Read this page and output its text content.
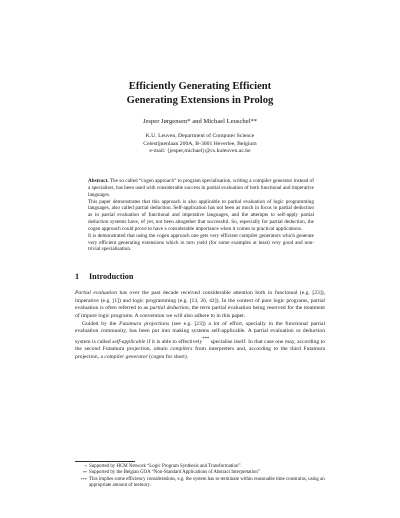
Efficiently Generating Efficient
Generating Extensions in Prolog
Jesper Jørgensen* and Michael Leuschel**
K.U. Leuven, Department of Computer Science
Celestijnenlaan 200A, B-3001 Heverlee, Belgium
e-mail: {jesper,michael}@cs.kuleuven.ac.be

Abstract. The so called “cogen approach” to program specialisation, writing a compiler generator instead of a specialiser, has been used with considerable success in partial evaluation of both functional and imperative languages.

This paper demonstrates that this approach is also applicable to partial evaluation of logic programming languages, also called partial deduction. Self-application has not been as much in focus in partial deduction as in partial evaluation of functional and imperative languages, and the attempts to self-apply partial deduction systems have, of yet, not been altogether that successful. So, especially for partial deduction, the cogen approach could prove to have a considerable importance when it comes to practical applications.

It is demonstrated that using the cogen approach one gets very efficient compiler generators which generate very efficient generating extensions which in turn yield (for some examples at least) very good and non-trivial specialisation.

1 Introduction

Partial evaluation has over the past decade received considerable attention both in functional (e.g. [23]), imperative (e.g. [1]) and logic programming (e.g. [13, 26, 42]). In the context of pure logic programs, partial evaluation is often referred to as partial deduction, the term partial evaluation being reserved for the treatment of impure logic programs. A convention we will also adhere to in this paper.

Guided by the Futamura projections (see e.g. [23]) a lot of effort, specially in the functional partial evaluation community, has been put into making systems self-applicable. A partial evaluation or deduction system is called self-applicable if it is able to effectively*** specialise itself. In that case one may, according to the second Futamura projection, obtain compilers from interpreters and, according to the third Futamura projection, a compiler generator (cogen for short).

* Supported by HCM Network “Logic Program Synthesis and Transformation”.
** Supported by the Belgian GOA “Non-Standard Applications of Abstract Interpretation”
*** This implies some efficiency considerations, e.g. the system has to terminate within reasonable time constrains, using an appropriate amount of memory.
